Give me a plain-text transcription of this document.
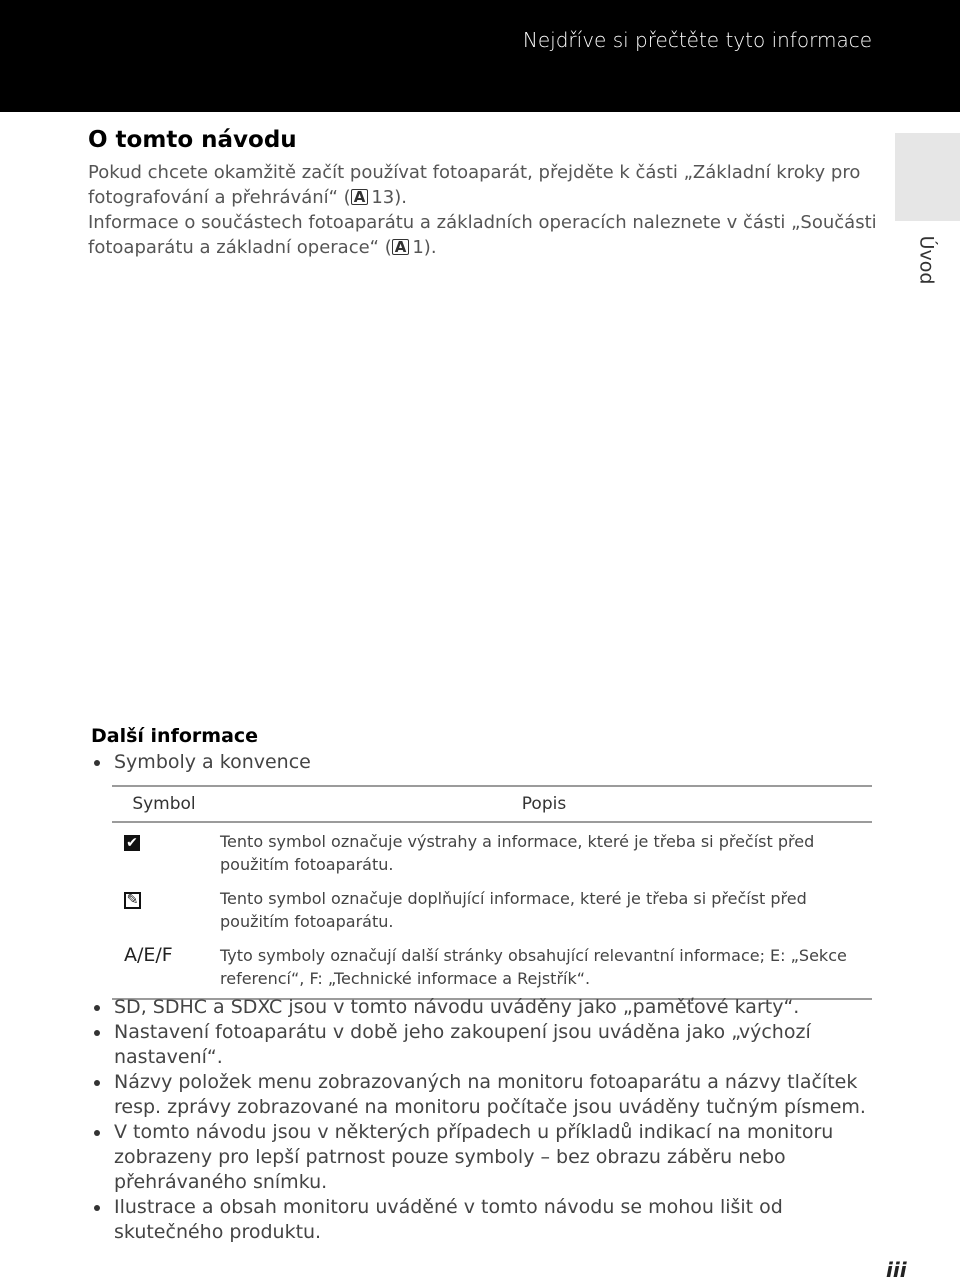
Nejdříve si přečtěte tyto informace
Úvod
O tomto návodu

Pokud chcete okamžitě začít používat fotoaparát, přejděte k části „Základní kroky pro fotografování a přehrávání“ ( A 13).

Informace o součástech fotoaparátu a základních operacích naleznete v části „Součásti fotoaparátu a základní operace“ ( A 1).

Další informace
Symboly a konvence
Symbol	Popis
✔	Tento symbol označuje výstrahy a informace, které je třeba si přečíst před použitím fotoaparátu.
✎	Tento symbol označuje doplňující informace, které je třeba si přečíst před použitím fotoaparátu.
A/E/F	Tyto symboly označují další stránky obsahující relevantní informace; E: „Sekce referencí“, F: „Technické informace a Rejstřík“.
SD, SDHC a SDXC jsou v tomto návodu uváděny jako „paměťové karty“.
Nastavení fotoaparátu v době jeho zakoupení jsou uváděna jako „výchozí nastavení“.
Názvy položek menu zobrazovaných na monitoru fotoaparátu a názvy tlačítek resp. zprávy zobrazované na monitoru počítače jsou uváděny tučným písmem.
V tomto návodu jsou v některých případech u příkladů indikací na monitoru zobrazeny pro lepší patrnost pouze symboly – bez obrazu záběru nebo přehrávaného snímku.
Ilustrace a obsah monitoru uváděné v tomto návodu se mohou lišit od skutečného produktu.
iii
